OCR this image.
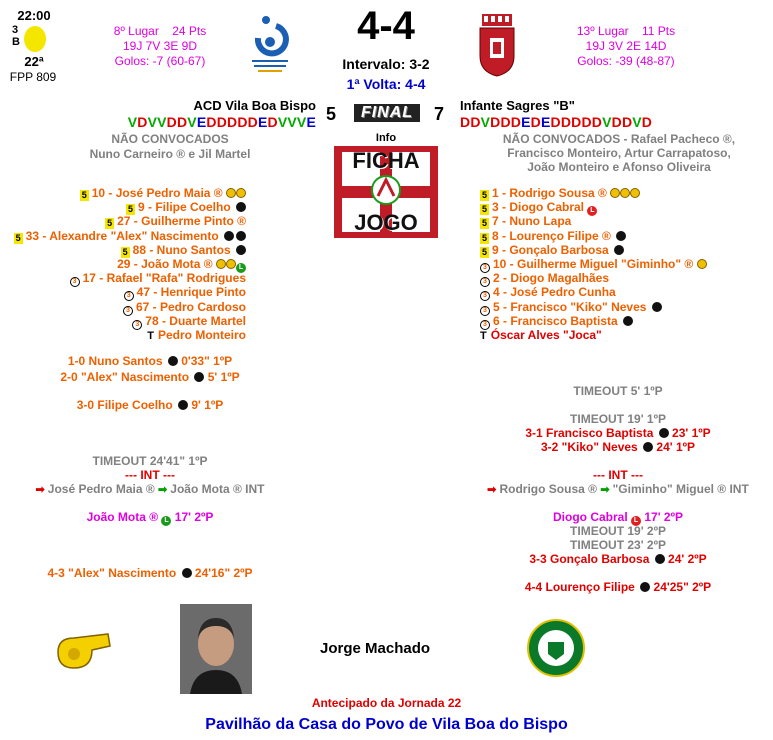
22:00
3B
22ª
FPP 809
8º Lugar 24 Pts
19J 7V 3E 9D
Golos: -7 (60-67)
4-4
Intervalo: 3-2
1ª Volta: 4-4
13º Lugar 11 Pts
19J 3V 2E 14D
Golos: -39 (48-87)
ACD Vila Boa Bispo	Infante Sagres "B"
VDVVDDVEDDDDDEDVVVE	DDVDDDEDEDDDDDVDDVD
5	7
FINAL
Info
FICHA
JOGO
NÃO CONVOCADOS
Nuno Carneiro ® e Jil Martel
NÃO CONVOCADOS - Rafael Pacheco ®, Francisco Monteiro, Artur Carrapatoso, João Monteiro e Afonso Oliveira
5 10 - José Pedro Maia ®
5 9 - Filipe Coelho
5 27 - Guilherme Pinto ®
5 33 - Alexandre "Alex" Nascimento
5 88 - Nuno Santos
29 - João Mota ®	L
3 17 - Rafael "Rafa" Rodrigues
3 47 - Henrique Pinto
3 67 - Pedro Cardoso
3 78 - Duarte Martel
T Pedro Monteiro
5 1 - Rodrigo Sousa ®
5 3 - Diogo Cabral L
5 7 - Nuno Lapa
5 8 - Lourenço Filipe ®
5 9 - Gonçalo Barbosa
3 10 - Guilherme Miguel "Giminho" ®
3 2 - Diogo Magalhães
3 4 - José Pedro Cunha
3 5 - Francisco "Kiko" Neves
3 6 - Francisco Baptista
T Óscar Alves "Joca"
1-0 Nuno Santos  0'33" 1ºP
2-0 "Alex" Nascimento  5' 1ºP
3-0 Filipe Coelho  9' 1ºP
TIMEOUT 24'41" 1ºP
--- INT ---
➡ José Pedro Maia ® ➡ João Mota ® INT
João Mota ® L 17' 2ºP
4-3 "Alex" Nascimento  24'16" 2ºP
TIMEOUT 5' 1ºP
TIMEOUT 19' 1ºP
3-1 Francisco Baptista  23' 1ºP
3-2 "Kiko" Neves  24' 1ºP
--- INT ---
➡ Rodrigo Sousa ® ➡ "Giminho" Miguel ® INT
Diogo Cabral L 17' 2ºP
TIMEOUT 19' 2ºP
TIMEOUT 23' 2ºP
3-3 Gonçalo Barbosa  24' 2ºP
4-4 Lourenço Filipe  24'25" 2ºP
Jorge Machado
Antecipado da Jornada 22
Pavilhão da Casa do Povo de Vila Boa do Bispo
